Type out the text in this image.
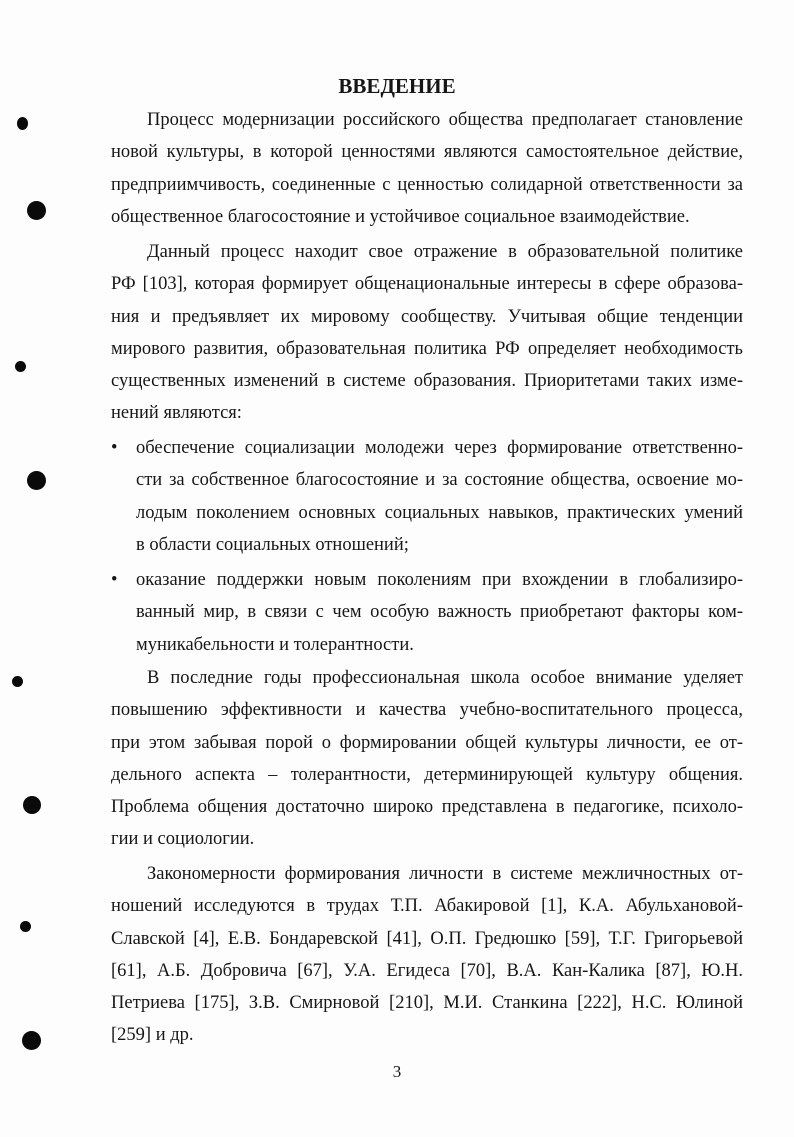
ВВЕДЕНИЕ
Процесс модернизации российского общества предполагает становление
новой культуры, в которой ценностями являются самостоятельное действие,
предприимчивость, соединенные с ценностью солидарной ответственности за
общественное благосостояние и устойчивое социальное взаимодействие.
Данный процесс находит свое отражение в образовательной политике
РФ [103], которая формирует общенациональные интересы в сфере образова-
ния и предъявляет их мировому сообществу. Учитывая общие тенденции
мирового развития, образовательная политика РФ определяет необходимость
существенных изменений в системе образования. Приоритетами таких изме-
нений являются:
• обеспечение социализации молодежи через формирование ответственно-
сти за собственное благосостояние и за состояние общества, освоение мо-
лодым поколением основных социальных навыков, практических умений
в области социальных отношений;
• оказание поддержки новым поколениям при вхождении в глобализиро-
ванный мир, в связи с чем особую важность приобретают факторы ком-
муникабельности и толерантности.
В последние годы профессиональная школа особое внимание уделяет
повышению эффективности и качества учебно-воспитательного процесса,
при этом забывая порой о формировании общей культуры личности, ее от-
дельного аспекта – толерантности, детерминирующей культуру общения.
Проблема общения достаточно широко представлена в педагогике, психоло-
гии и социологии.
Закономерности формирования личности в системе межличностных от-
ношений исследуются в трудах Т.П. Абакировой [1], К.А. Абульхановой-
Славской [4], Е.В. Бондаревской [41], О.П. Гредюшко [59], Т.Г. Григорьевой
[61], А.Б. Добровича [67], У.А. Егидеса [70], В.А. Кан-Калика [87], Ю.Н.
Петриева [175], З.В. Смирновой [210], М.И. Станкина [222], Н.С. Юлиной
[259] и др.
3
